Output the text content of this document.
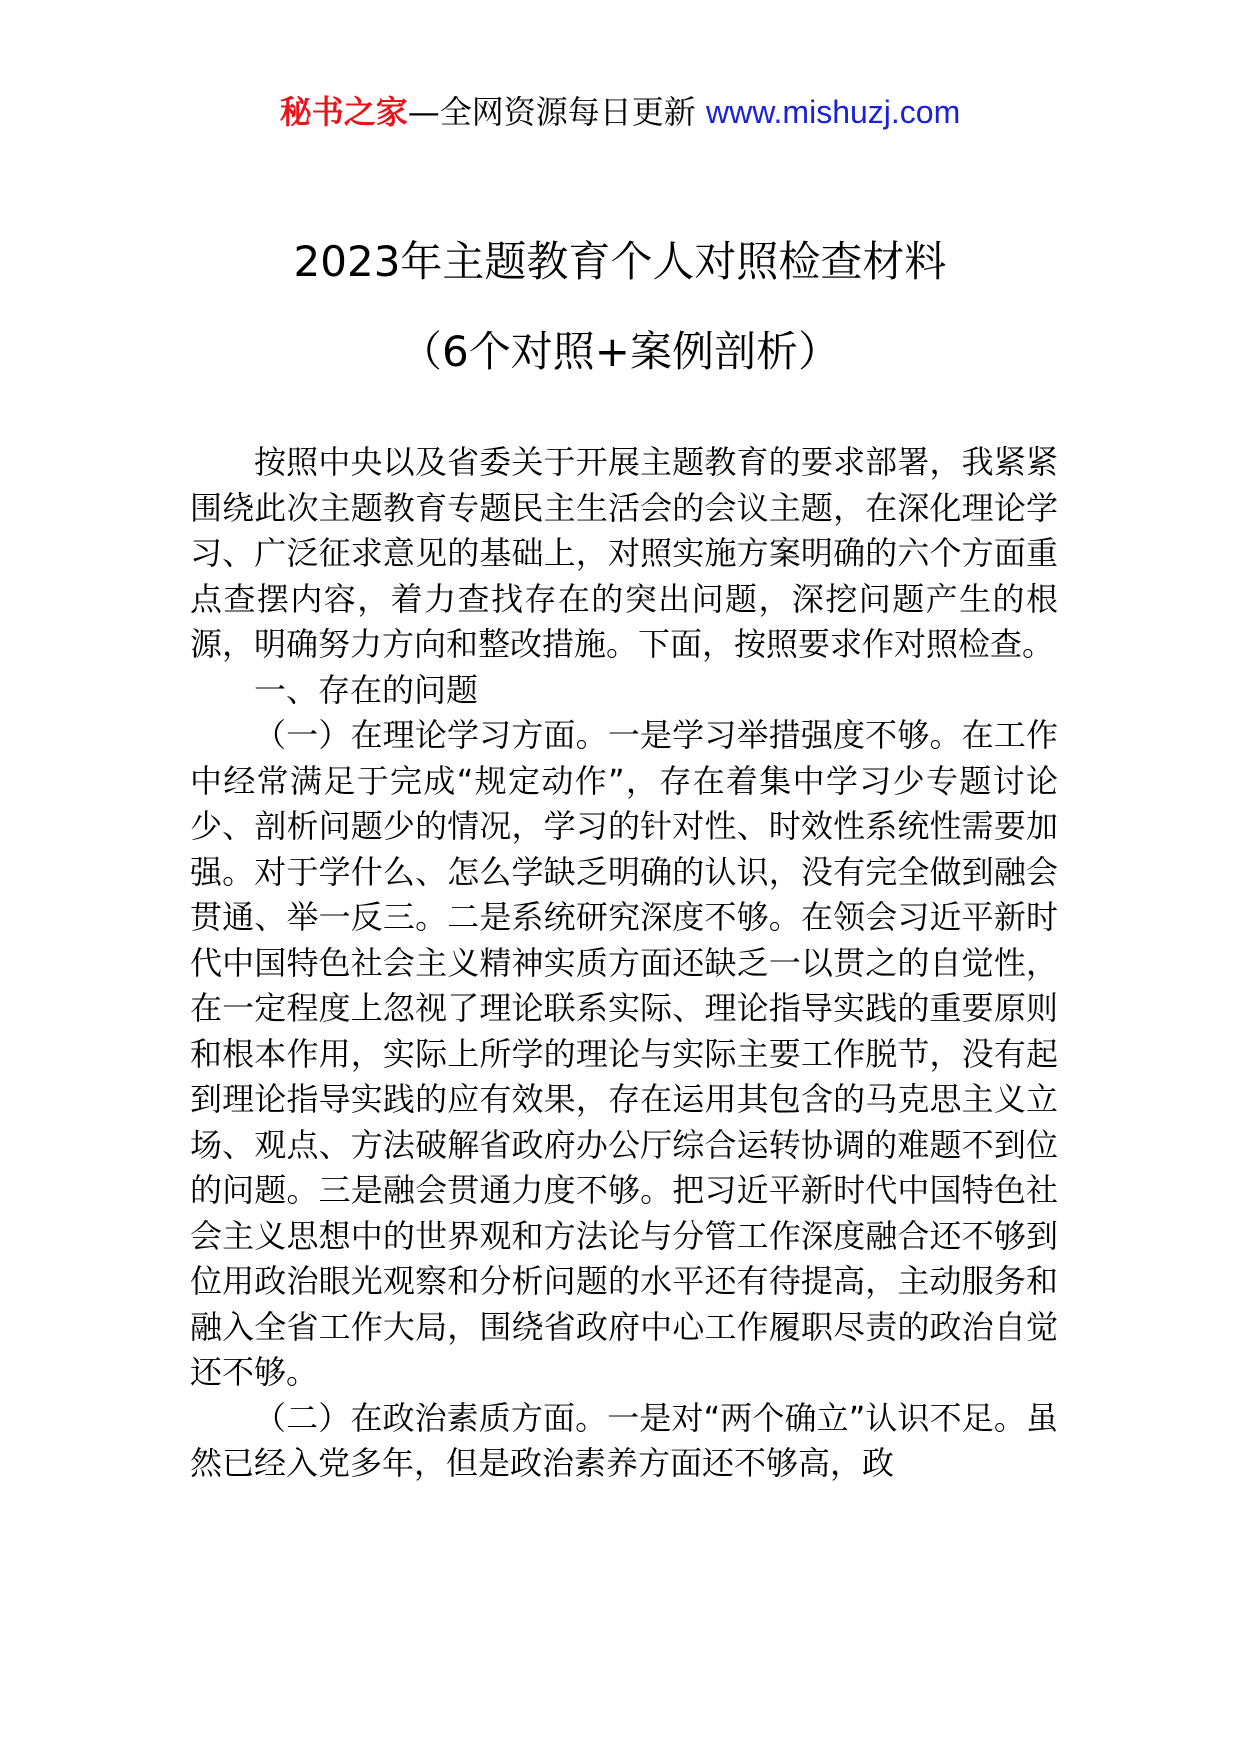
秘书之家—全网资源每日更新 www.mishuzj.com
2023年主题教育个人对照检查材料
（6个对照+案例剖析）

按照中央以及省委关于开展主题教育的要求部署，我紧紧围绕此次主题教育专题民主生活会的会议主题，在深化理论学习、广泛征求意见的基础上，对照实施方案明确的六个方面重点查摆内容，着力查找存在的突出问题，深挖问题产生的根源，明确努力方向和整改措施。下面，按照要求作对照检查。

一、存在的问题

（一）在理论学习方面。一是学习举措强度不够。在工作中经常满足于完成“规定动作”，存在着集中学习少专题讨论少、剖析问题少的情况，学习的针对性、时效性系统性需要加强。对于学什么、怎么学缺乏明确的认识，没有完全做到融会贯通、举一反三。二是系统研究深度不够。在领会习近平新时代中国特色社会主义精神实质方面还缺乏一以贯之的自觉性，在一定程度上忽视了理论联系实际、理论指导实践的重要原则和根本作用，实际上所学的理论与实际主要工作脱节，没有起到理论指导实践的应有效果，存在运用其包含的马克思主义立场、观点、方法破解省政府办公厅综合运转协调的难题不到位的问题。三是融会贯通力度不够。把习近平新时代中国特色社会主义思想中的世界观和方法论与分管工作深度融合还不够到位用政治眼光观察和分析问题的水平还有待提高，主动服务和融入全省工作大局，围绕省政府中心工作履职尽责的政治自觉还不够。

（二）在政治素质方面。一是对“两个确立”认识不足。虽然已经入党多年，但是政治素养方面还不够高，政
